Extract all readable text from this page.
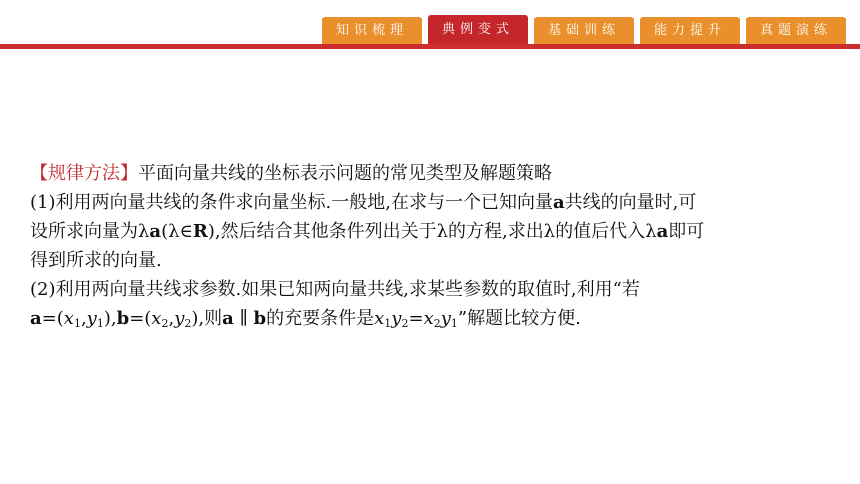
知识梳理	典例变式	基础训练	能力提升	真题演练
【规律方法】平面向量共线的坐标表示问题的常见类型及解题策略

(1)利用两向量共线的条件求向量坐标.一般地,在求与一个已知向量a共线的向量时,可
设所求向量为λa(λ∈R),然后结合其他条件列出关于λ的方程,求出λ的值后代入λa即可
得到所求的向量.

(2)利用两向量共线求参数.如果已知两向量共线,求某些参数的取值时,利用“若
$a=(x_1,y_1),b=(x_2,y_2)$,则a ∥ b的充要条件是$x_1y_2=x_2y_1$”解题比较方便.
